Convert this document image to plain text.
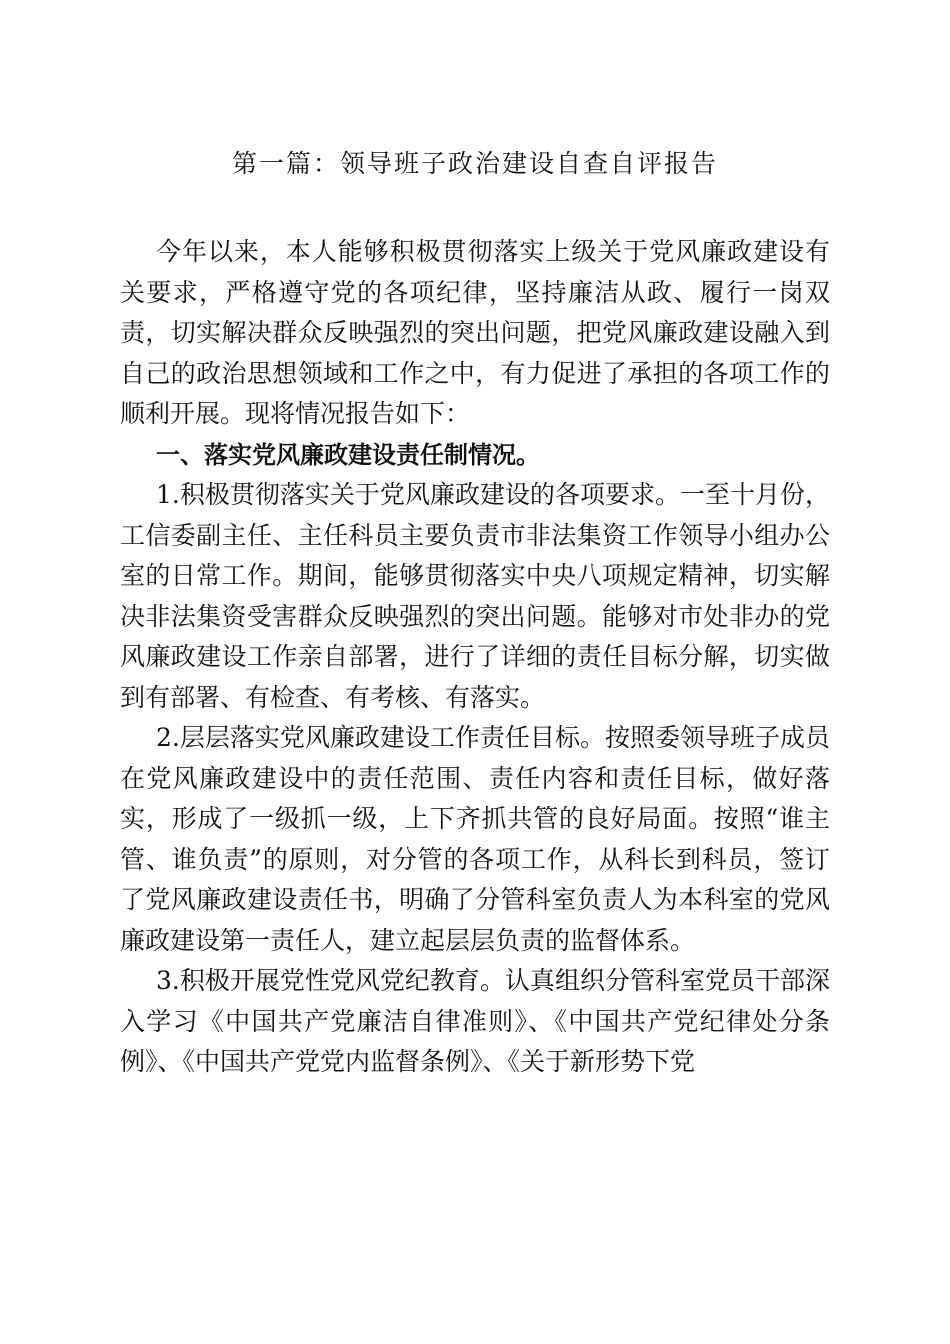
第一篇：领导班子政治建设自查自评报告

今年以来，本人能够积极贯彻落实上级关于党风廉政建设有关要求，严格遵守党的各项纪律，坚持廉洁从政、履行一岗双责，切实解决群众反映强烈的突出问题，把党风廉政建设融入到自己的政治思想领域和工作之中，有力促进了承担的各项工作的顺利开展。现将情况报告如下：

一、落实党风廉政建设责任制情况。

1.积极贯彻落实关于党风廉政建设的各项要求。一至十月份，工信委副主任、主任科员主要负责市非法集资工作领导小组办公室的日常工作。期间，能够贯彻落实中央八项规定精神，切实解决非法集资受害群众反映强烈的突出问题。能够对市处非办的党风廉政建设工作亲自部署，进行了详细的责任目标分解，切实做到有部署、有检查、有考核、有落实。

2.层层落实党风廉政建设工作责任目标。按照委领导班子成员在党风廉政建设中的责任范围、责任内容和责任目标，做好落实，形成了一级抓一级，上下齐抓共管的良好局面。按照“谁主管、谁负责”的原则，对分管的各项工作，从科长到科员，签订了党风廉政建设责任书，明确了分管科室负责人为本科室的党风廉政建设第一责任人，建立起层层负责的监督体系。

3.积极开展党性党风党纪教育。认真组织分管科室党员干部深入学习《中国共产党廉洁自律准则》、《中国共产党纪律处分条例》、《中国共产党党内监督条例》、《关于新形势下党
